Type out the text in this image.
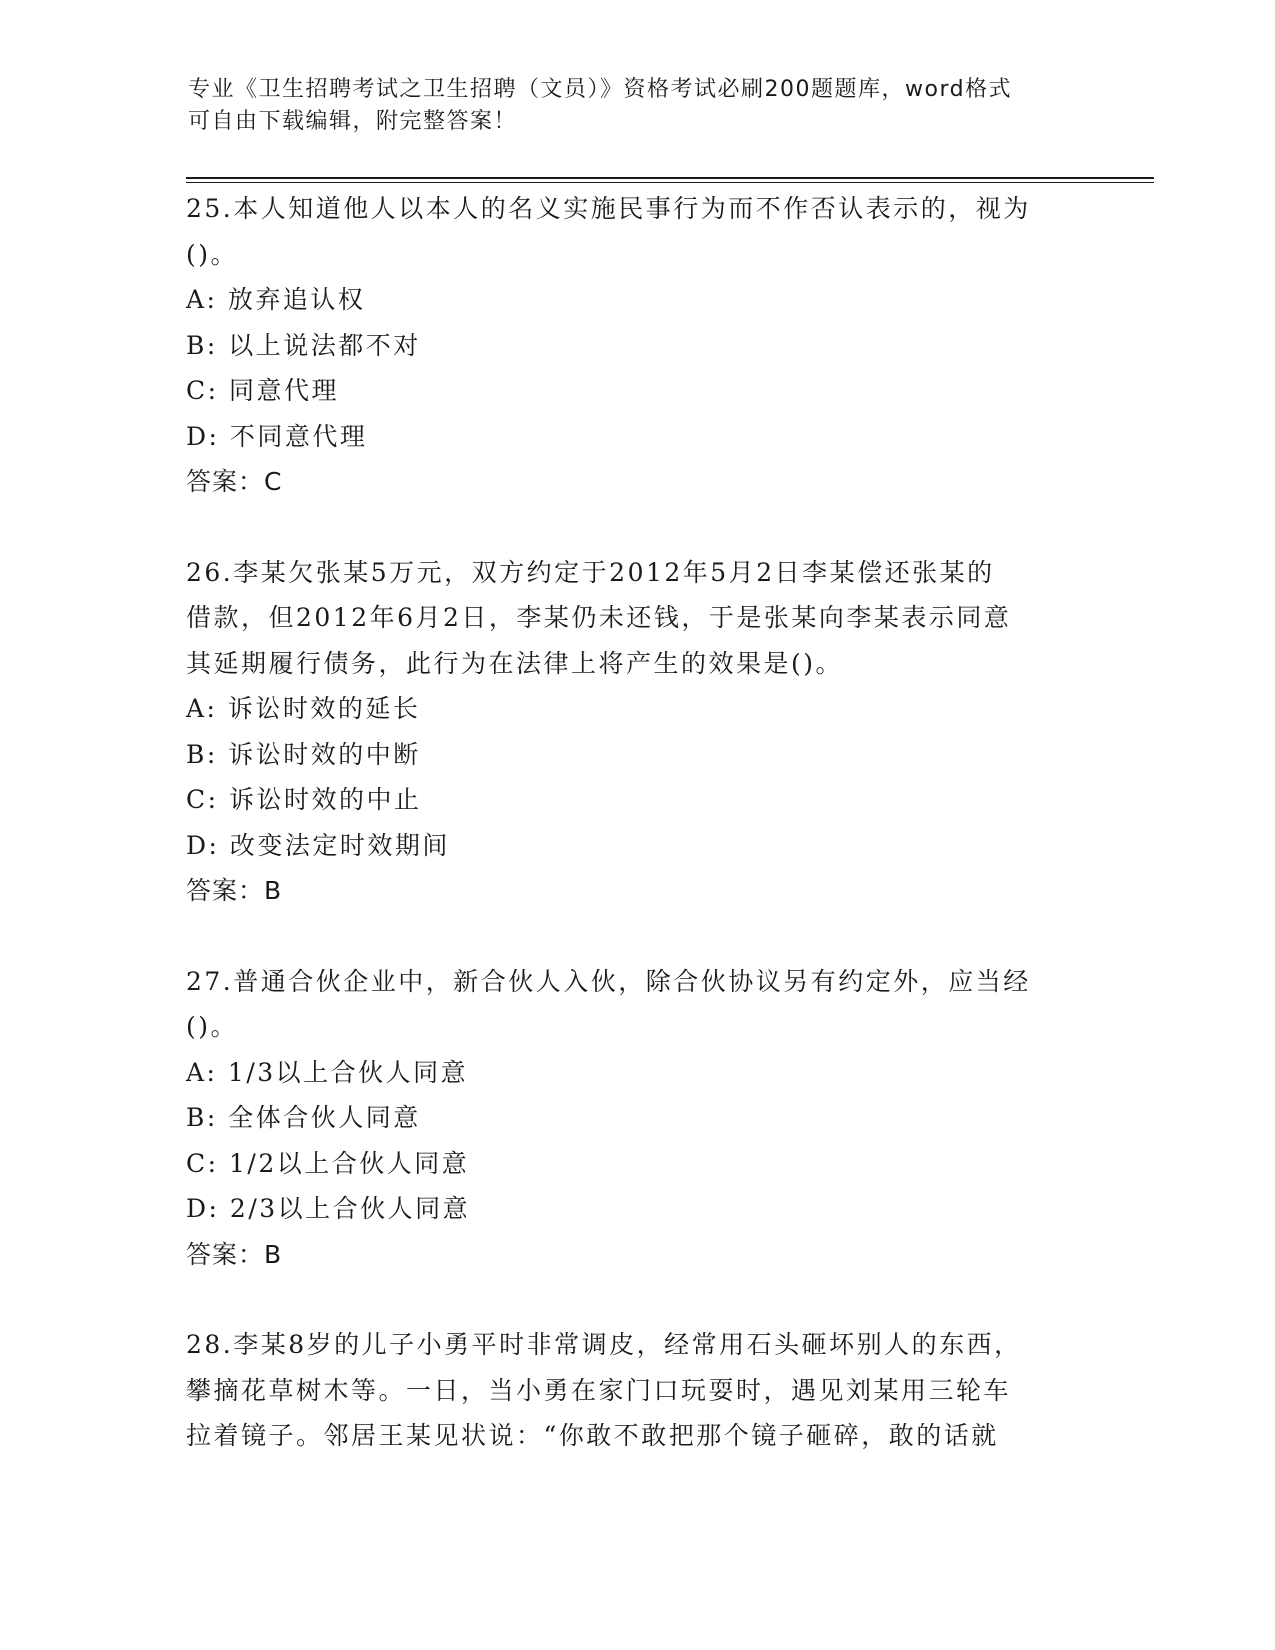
专业《卫生招聘考试之卫生招聘（文员）》资格考试必刷200题题库，word格式
可自由下载编辑，附完整答案！
25.本人知道他人以本人的名义实施民事行为而不作否认表示的，视为
()。
A: 放弃追认权
B: 以上说法都不对
C: 同意代理
D: 不同意代理
答案：C
26.李某欠张某5万元，双方约定于2012年5月2日李某偿还张某的
借款，但2012年6月2日，李某仍未还钱，于是张某向李某表示同意
其延期履行债务，此行为在法律上将产生的效果是()。
A: 诉讼时效的延长
B: 诉讼时效的中断
C: 诉讼时效的中止
D: 改变法定时效期间
答案：B
27.普通合伙企业中，新合伙人入伙，除合伙协议另有约定外，应当经
()。
A: 1/3以上合伙人同意
B: 全体合伙人同意
C: 1/2以上合伙人同意
D: 2/3以上合伙人同意
答案：B
28.李某8岁的儿子小勇平时非常调皮，经常用石头砸坏别人的东西，
攀摘花草树木等。一日，当小勇在家门口玩耍时，遇见刘某用三轮车
拉着镜子。邻居王某见状说：“你敢不敢把那个镜子砸碎，敢的话就
